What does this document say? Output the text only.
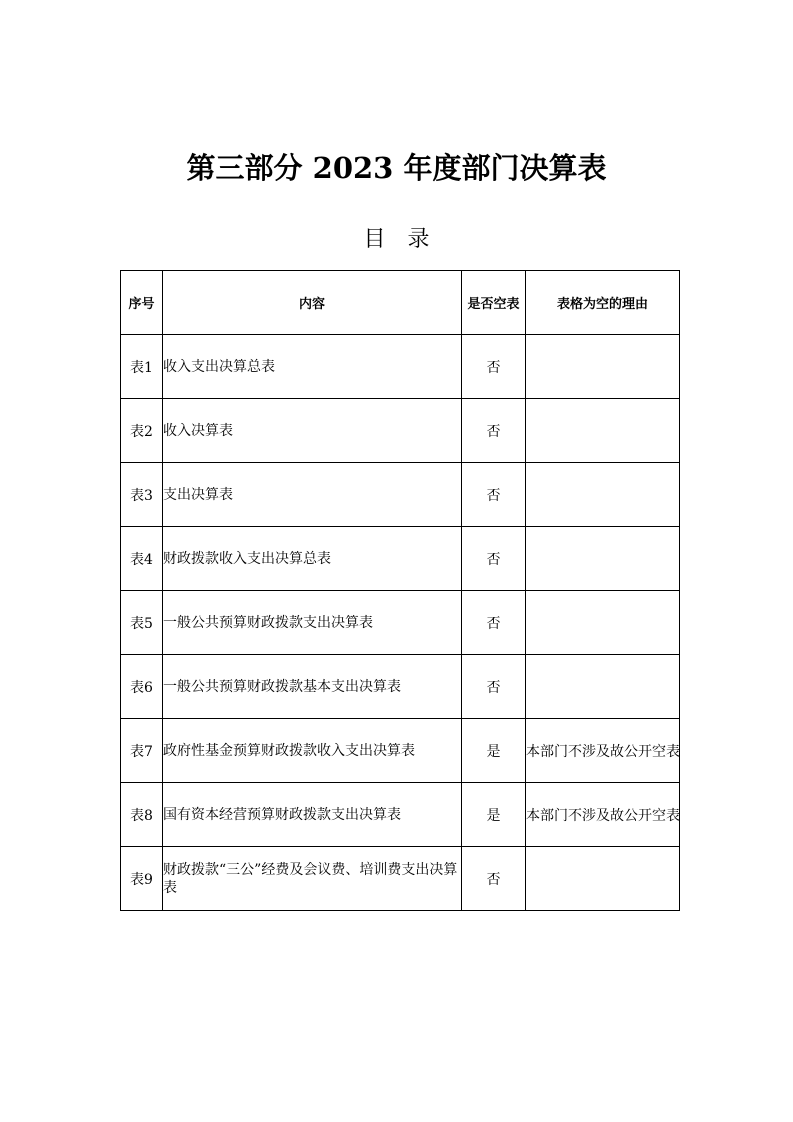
第三部分 2023 年度部门决算表
目录
序号	内容	是否空表	表格为空的理由
表1	收入支出决算总表	否	
表2	收入决算表	否	
表3	支出决算表	否	
表4	财政拨款收入支出决算总表	否	
表5	一般公共预算财政拨款支出决算表	否	
表6	一般公共预算财政拨款基本支出决算表	否	
表7	政府性基金预算财政拨款收入支出决算表	是	本部门不涉及故公开空表
表8	国有资本经营预算财政拨款支出决算表	是	本部门不涉及故公开空表
表9	财政拨款“三公”经费及会议费、培训费支出决算表	否	
